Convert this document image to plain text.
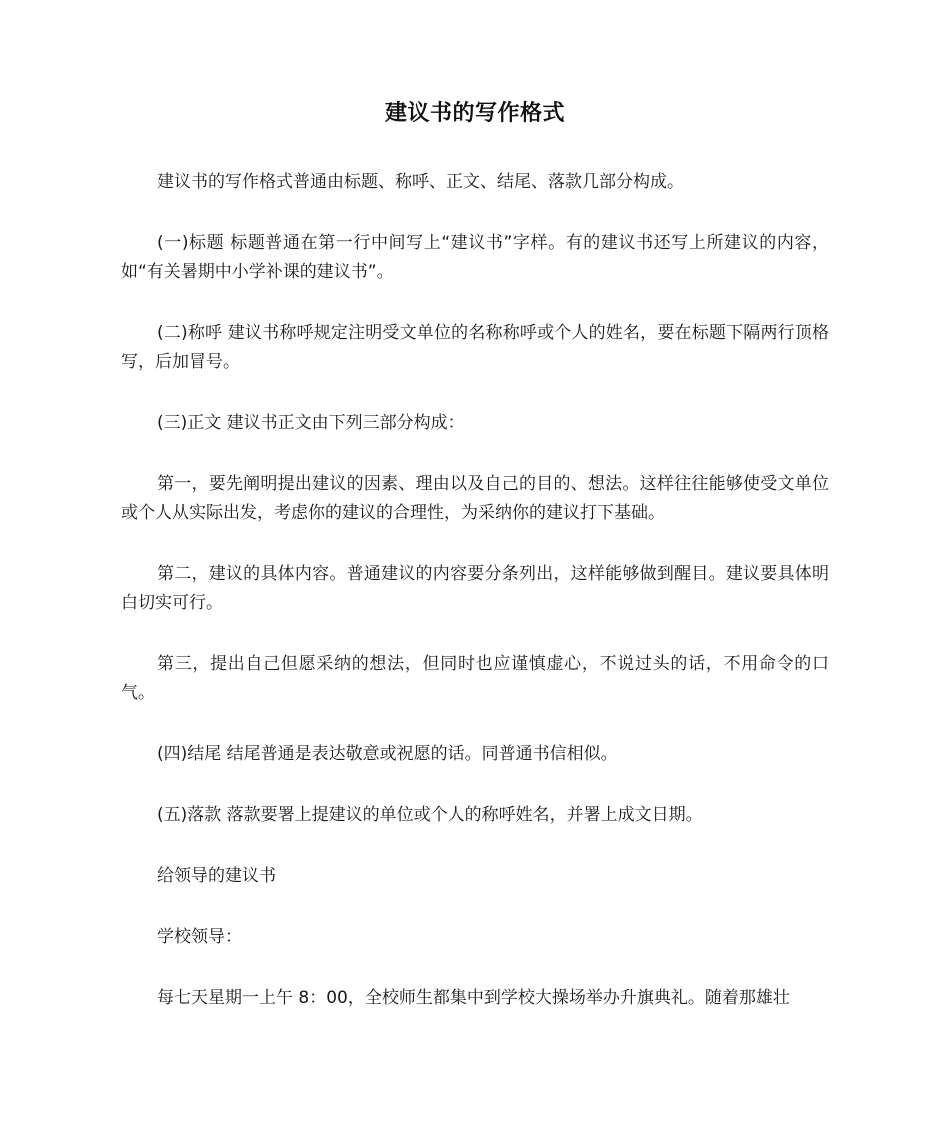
建议书的写作格式

建议书的写作格式普通由标题、称呼、正文、结尾、落款几部分构成。

(一)标题 标题普通在第一行中间写上“建议书”字样。有的建议书还写上所建议的内容，如“有关暑期中小学补课的建议书”。

(二)称呼 建议书称呼规定注明受文单位的名称称呼或个人的姓名，要在标题下隔两行顶格写，后加冒号。

(三)正文 建议书正文由下列三部分构成：

第一，要先阐明提出建议的因素、理由以及自己的目的、想法。这样往往能够使受文单位或个人从实际出发，考虑你的建议的合理性，为采纳你的建议打下基础。

第二，建议的具体内容。普通建议的内容要分条列出，这样能够做到醒目。建议要具体明白切实可行。

第三，提出自己但愿采纳的想法，但同时也应谨慎虚心，不说过头的话，不用命令的口气。

(四)结尾 结尾普通是表达敬意或祝愿的话。同普通书信相似。

(五)落款 落款要署上提建议的单位或个人的称呼姓名，并署上成文日期。

给领导的建议书

学校领导：

每七天星期一上午 8：00，全校师生都集中到学校大操场举办升旗典礼。随着那雄壮
